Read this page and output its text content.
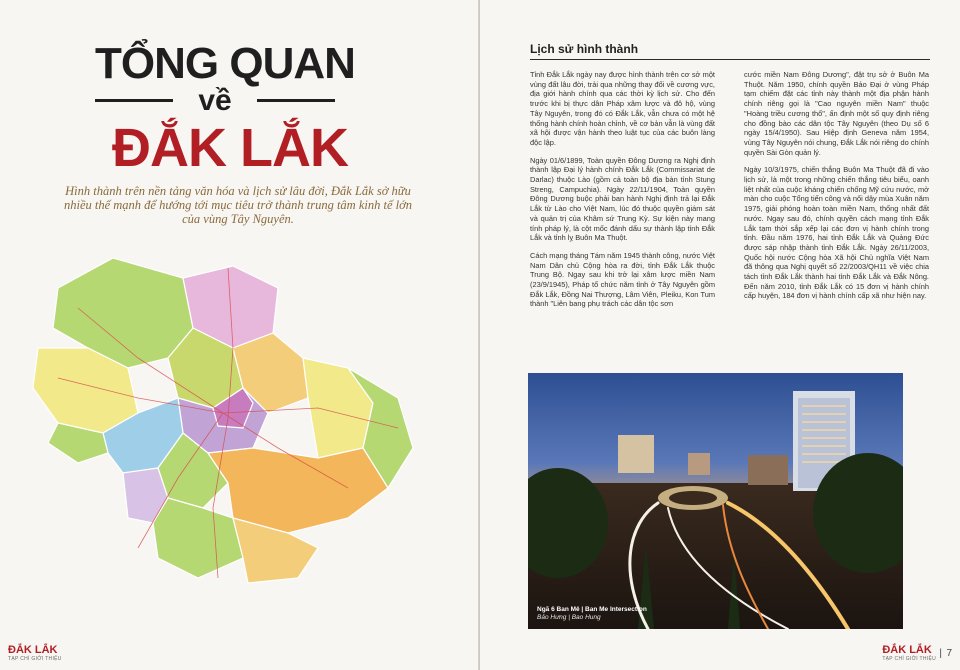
TỔNG QUAN
về
ĐẮK LẮK
Hình thành trên nền tảng văn hóa và lịch sử lâu đời, Đắk Lắk sở hữu nhiều thế mạnh để hướng tới mục tiêu trở thành trung tâm kinh tế lớn của vùng Tây Nguyên.
ĐẮK LẮK
TẠP CHÍ GIỚI THIỆU
Lịch sử hình thành

Tỉnh Đắk Lắk ngày nay được hình thành trên cơ sở một vùng đất lâu đời, trải qua những thay đổi về cương vực, địa giới hành chính qua các thời kỳ lịch sử. Cho đến trước khi bị thực dân Pháp xâm lược và đô hộ, vùng Tây Nguyên, trong đó có Đắk Lắk, vẫn chưa có một hệ thống hành chính hoàn chỉnh, về cơ bản vẫn là vùng đất xã hội được vận hành theo luật tục của các buôn làng độc lập.

Ngày 01/6/1899, Toàn quyền Đông Dương ra Nghị định thành lập Đại lý hành chính Đắk Lắk (Commissariat de Darlac) thuộc Lào (gồm cả toàn bộ địa bàn tỉnh Stung Streng, Campuchia). Ngày 22/11/1904, Toàn quyền Đông Dương buộc phải ban hành Nghị định trả lại Đắk Lắk từ Lào cho Việt Nam, lúc đó thuộc quyền giám sát và quản trị của Khâm sứ Trung Kỳ. Sự kiện này mang tính pháp lý, là cột mốc đánh dấu sự thành lập tỉnh Đắk Lắk và tỉnh lỵ Buôn Ma Thuột.

Cách mạng tháng Tám năm 1945 thành công, nước Việt Nam Dân chủ Cộng hòa ra đời, tỉnh Đắk Lắk thuộc Trung Bộ. Ngay sau khi trở lại xâm lược miền Nam (23/9/1945), Pháp tổ chức năm tỉnh ở Tây Nguyên gồm Đắk Lắk, Đồng Nai Thượng, Lâm Viên, Pleiku, Kon Tum thành "Liên bang phụ trách các dân tộc sơn

cước miền Nam Đông Dương", đặt trụ sở ở Buôn Ma Thuột. Năm 1950, chính quyền Bảo Đại ở vùng Pháp tạm chiếm đặt các tỉnh này thành một địa phận hành chính riêng gọi là "Cao nguyên miền Nam" thuộc "Hoàng triều cương thổ", ấn định một số quy định riêng cho đồng bào các dân tộc Tây Nguyên (theo Dụ số 6 ngày 15/4/1950). Sau Hiệp định Geneva năm 1954, vùng Tây Nguyên nói chung, Đắk Lắk nói riêng do chính quyền Sài Gòn quản lý.

Ngày 10/3/1975, chiến thắng Buôn Ma Thuột đã đi vào lịch sử, là một trong những chiến thắng tiêu biểu, oanh liệt nhất của cuộc kháng chiến chống Mỹ cứu nước, mở màn cho cuộc Tổng tiến công và nổi dậy mùa Xuân năm 1975, giải phóng hoàn toàn miền Nam, thống nhất đất nước. Ngay sau đó, chính quyền cách mạng tỉnh Đắk Lắk tạm thời sắp xếp lại các đơn vị hành chính trong tỉnh. Đầu năm 1976, hai tỉnh Đắk Lắk và Quảng Đức được sáp nhập thành tỉnh Đắk Lắk. Ngày 26/11/2003, Quốc hội nước Cộng hòa Xã hội Chủ nghĩa Việt Nam đã thông qua Nghị quyết số 22/2003/QH11 về việc chia tách tỉnh Đắk Lắk thành hai tỉnh Đắk Lắk và Đắk Nông. Đến năm 2010, tỉnh Đắk Lắk có 15 đơn vị hành chính cấp huyện, 184 đơn vị hành chính cấp xã như hiện nay.

Ngã 6 Ban Mê | Ban Me Intersection
Bảo Hưng | Bao Hung
ĐẮK LẮK
TẠP CHÍ GIỚI THIỆU | 7
